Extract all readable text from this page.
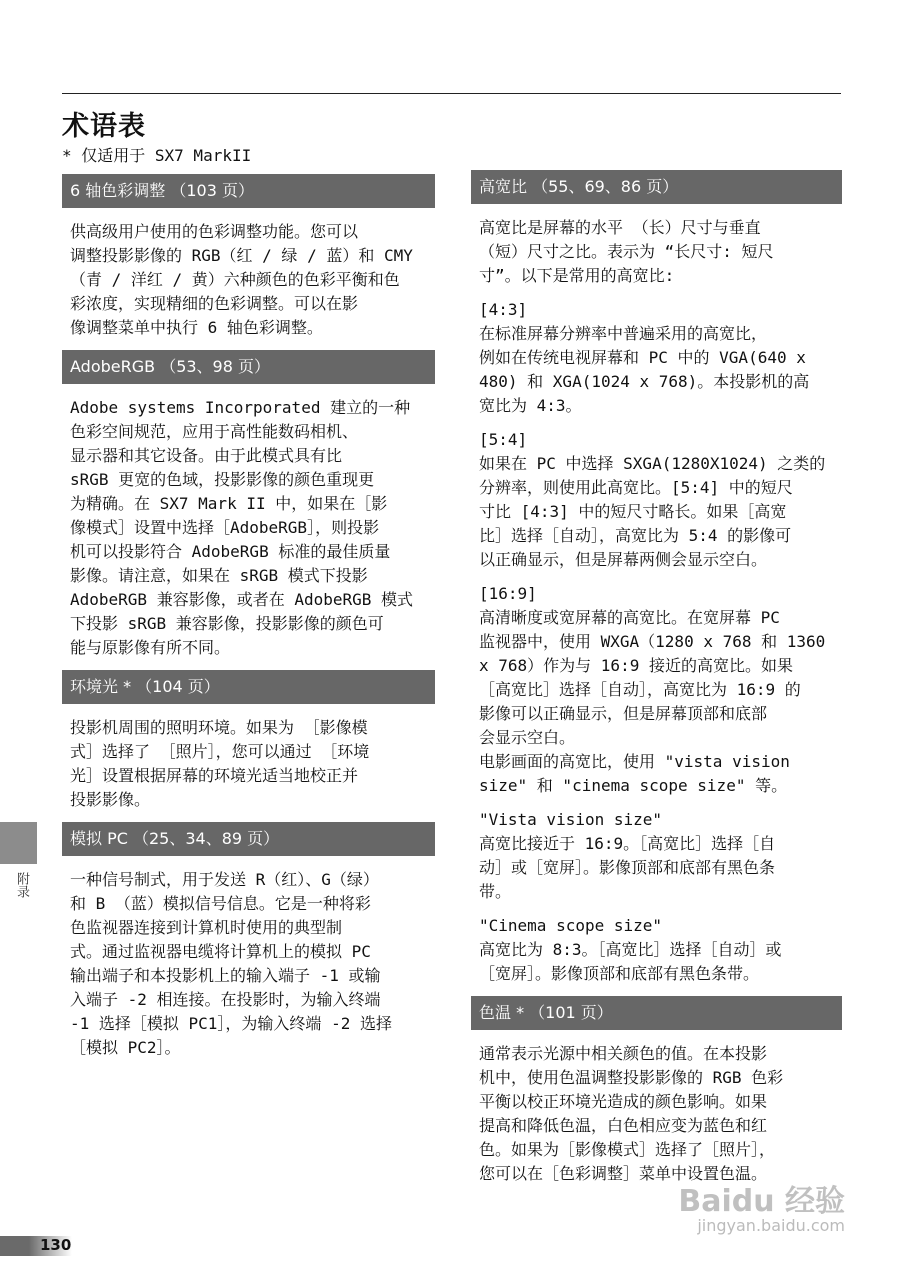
术语表
* 仅适用于 SX7 MarkII
6 轴色彩调整 （103 页）
供高级用户使用的色彩调整功能。您可以
调整投影影像的 RGB（红 / 绿 / 蓝）和 CMY
（青 / 洋红 / 黄）六种颜色的色彩平衡和色
彩浓度，实现精细的色彩调整。可以在影
像调整菜单中执行 6 轴色彩调整。
AdobeRGB （53、98 页）
Adobe systems Incorporated 建立的一种
色彩空间规范，应用于高性能数码相机、
显示器和其它设备。由于此模式具有比
sRGB 更宽的色域，投影影像的颜色重现更
为精确。在 SX7 Mark II 中，如果在［影
像模式］设置中选择［AdobeRGB］，则投影
机可以投影符合 AdobeRGB 标准的最佳质量
影像。请注意，如果在 sRGB 模式下投影
AdobeRGB 兼容影像，或者在 AdobeRGB 模式
下投影 sRGB 兼容影像，投影影像的颜色可
能与原影像有所不同。
环境光 * （104 页）
投影机周围的照明环境。如果为 ［影像模
式］选择了 ［照片］，您可以通过 ［环境
光］设置根据屏幕的环境光适当地校正并
投影影像。
模拟 PC （25、34、89 页）
一种信号制式，用于发送 R（红）、G（绿）
和 B （蓝）模拟信号信息。它是一种将彩
色监视器连接到计算机时使用的典型制
式。通过监视器电缆将计算机上的模拟 PC
输出端子和本投影机上的输入端子 -1 或输
入端子 -2 相连接。在投影时，为输入终端
-1 选择［模拟 PC1］，为输入终端 -2 选择
［模拟 PC2］。
高宽比 （55、69、86 页）

高宽比是屏幕的水平 （长）尺寸与垂直
（短）尺寸之比。表示为 “长尺寸: 短尺
寸”。以下是常用的高宽比:

[4:3]
在标准屏幕分辨率中普遍采用的高宽比，
例如在传统电视屏幕和 PC 中的 VGA(640 x
480) 和 XGA(1024 x 768)。本投影机的高
宽比为 4:3。

[5:4]
如果在 PC 中选择 SXGA(1280X1024) 之类的
分辨率，则使用此高宽比。[5:4] 中的短尺
寸比 [4:3] 中的短尺寸略长。如果［高宽
比］选择［自动］，高宽比为 5:4 的影像可
以正确显示，但是屏幕两侧会显示空白。

[16:9]
高清晰度或宽屏幕的高宽比。在宽屏幕 PC
监视器中，使用 WXGA（1280 x 768 和 1360
x 768）作为与 16:9 接近的高宽比。如果
［高宽比］选择［自动］，高宽比为 16:9 的
影像可以正确显示，但是屏幕顶部和底部
会显示空白。
电影画面的高宽比，使用 "vista vision
size" 和 "cinema scope size" 等。

"Vista vision size"
高宽比接近于 16:9。［高宽比］选择［自
动］或［宽屏］。影像顶部和底部有黑色条
带。

"Cinema scope size"
高宽比为 8:3。［高宽比］选择［自动］或
［宽屏］。影像顶部和底部有黑色条带。

色温 * （101 页）

通常表示光源中相关颜色的值。在本投影
机中，使用色温调整投影影像的 RGB 色彩
平衡以校正环境光造成的颜色影响。如果
提高和降低色温，白色相应变为蓝色和红
色。如果为［影像模式］选择了［照片］，
您可以在［色彩调整］菜单中设置色温。

附录
130
Baidu 经验
jingyan.baidu.com
